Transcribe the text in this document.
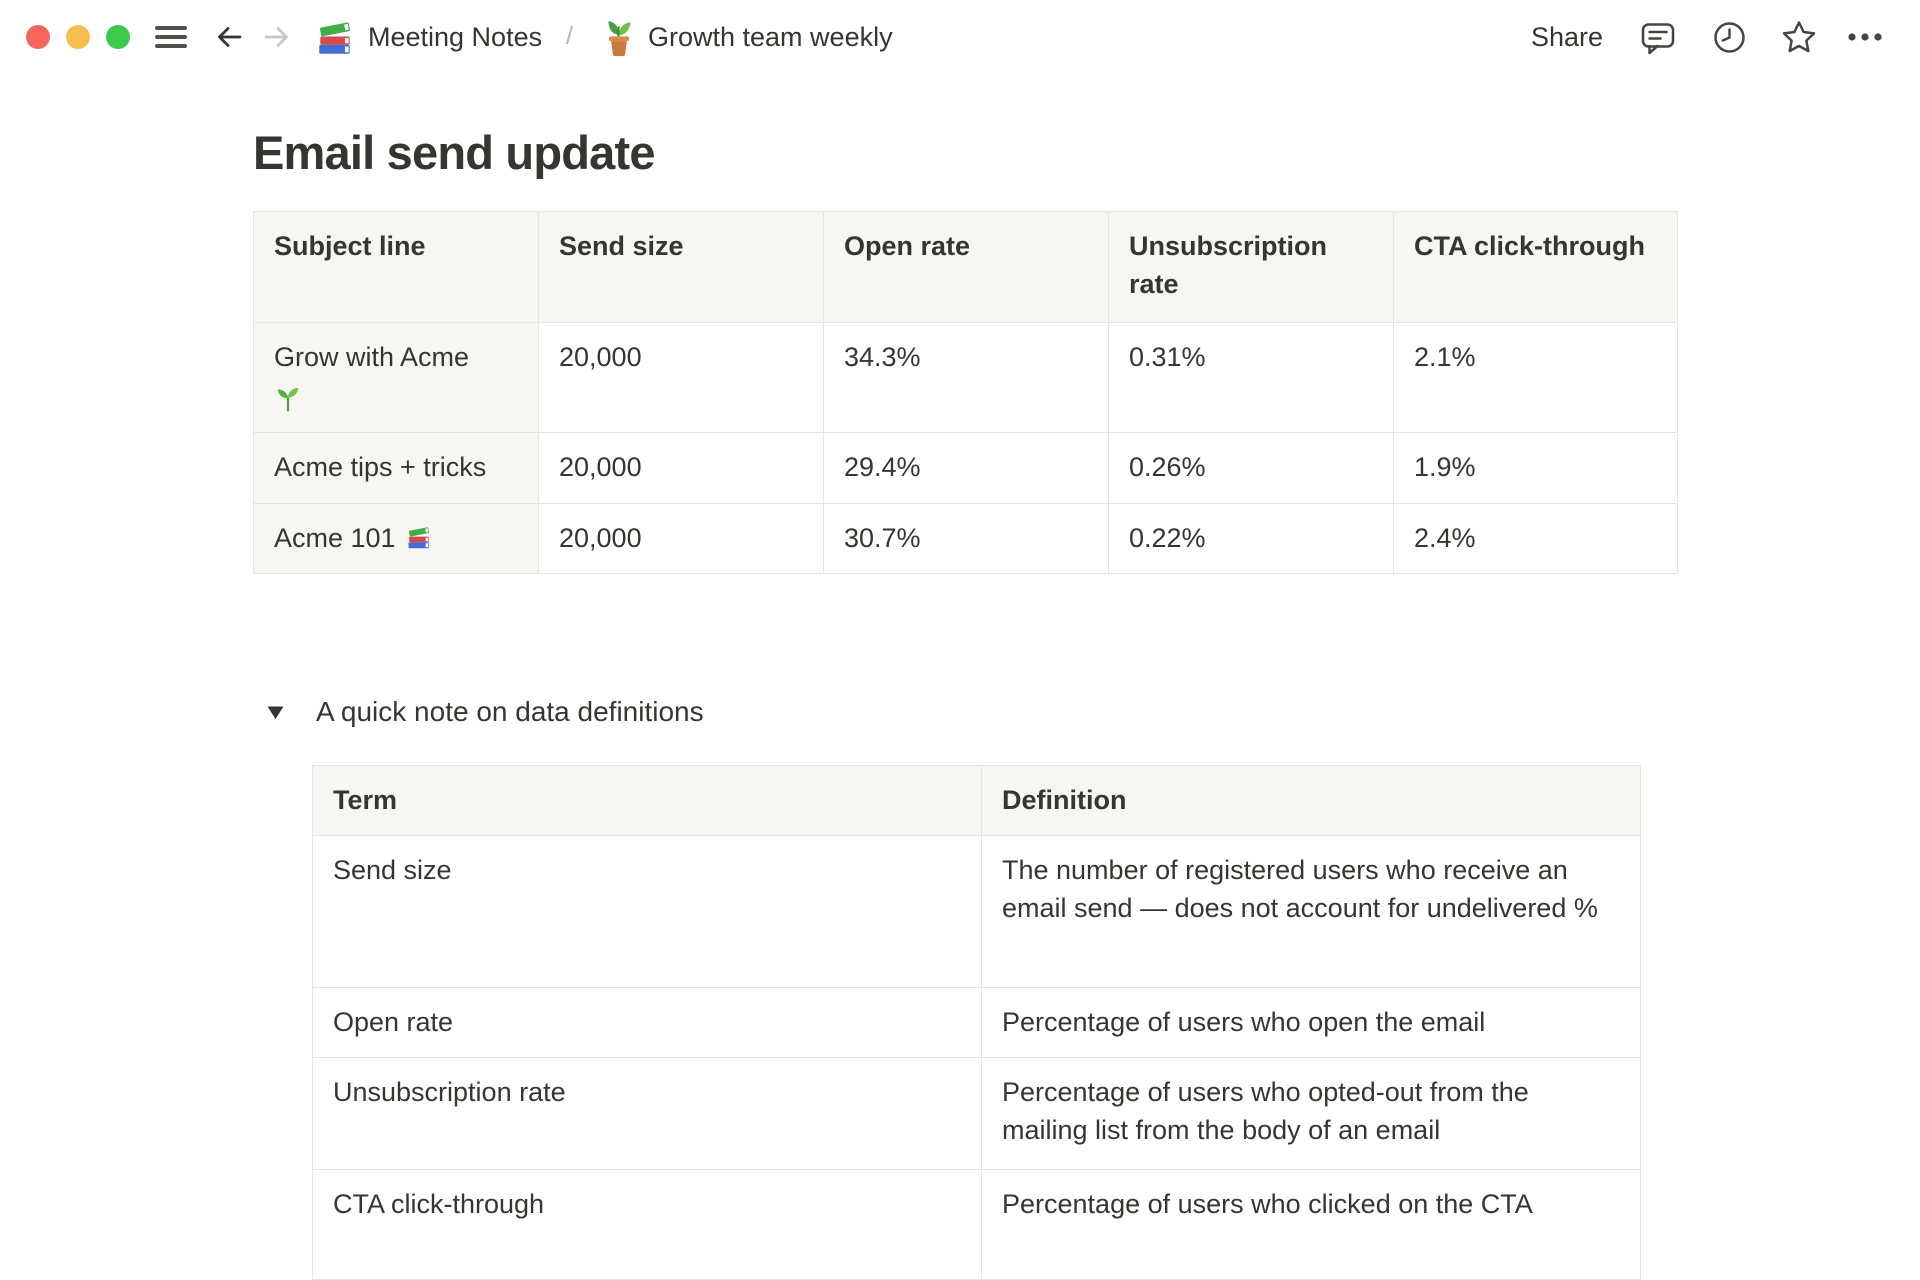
Meeting Notes /	Growth team weekly	Share
Email send update
Subject line	Send size	Open rate	Unsubscription rate	CTA click-through
Grow with Acme	20,000	34.3%	0.31%	2.1%
Acme tips + tricks	20,000	29.4%	0.26%	1.9%
Acme 101	20,000	30.7%	0.22%	2.4%
A quick note on data definitions
Term	Definition
Send size	The number of registered users who receive an email send — does not account for undelivered %
Open rate	Percentage of users who open the email
Unsubscription rate	Percentage of users who opted-out from the mailing list from the body of an email
CTA click-through	Percentage of users who clicked on the CTA
